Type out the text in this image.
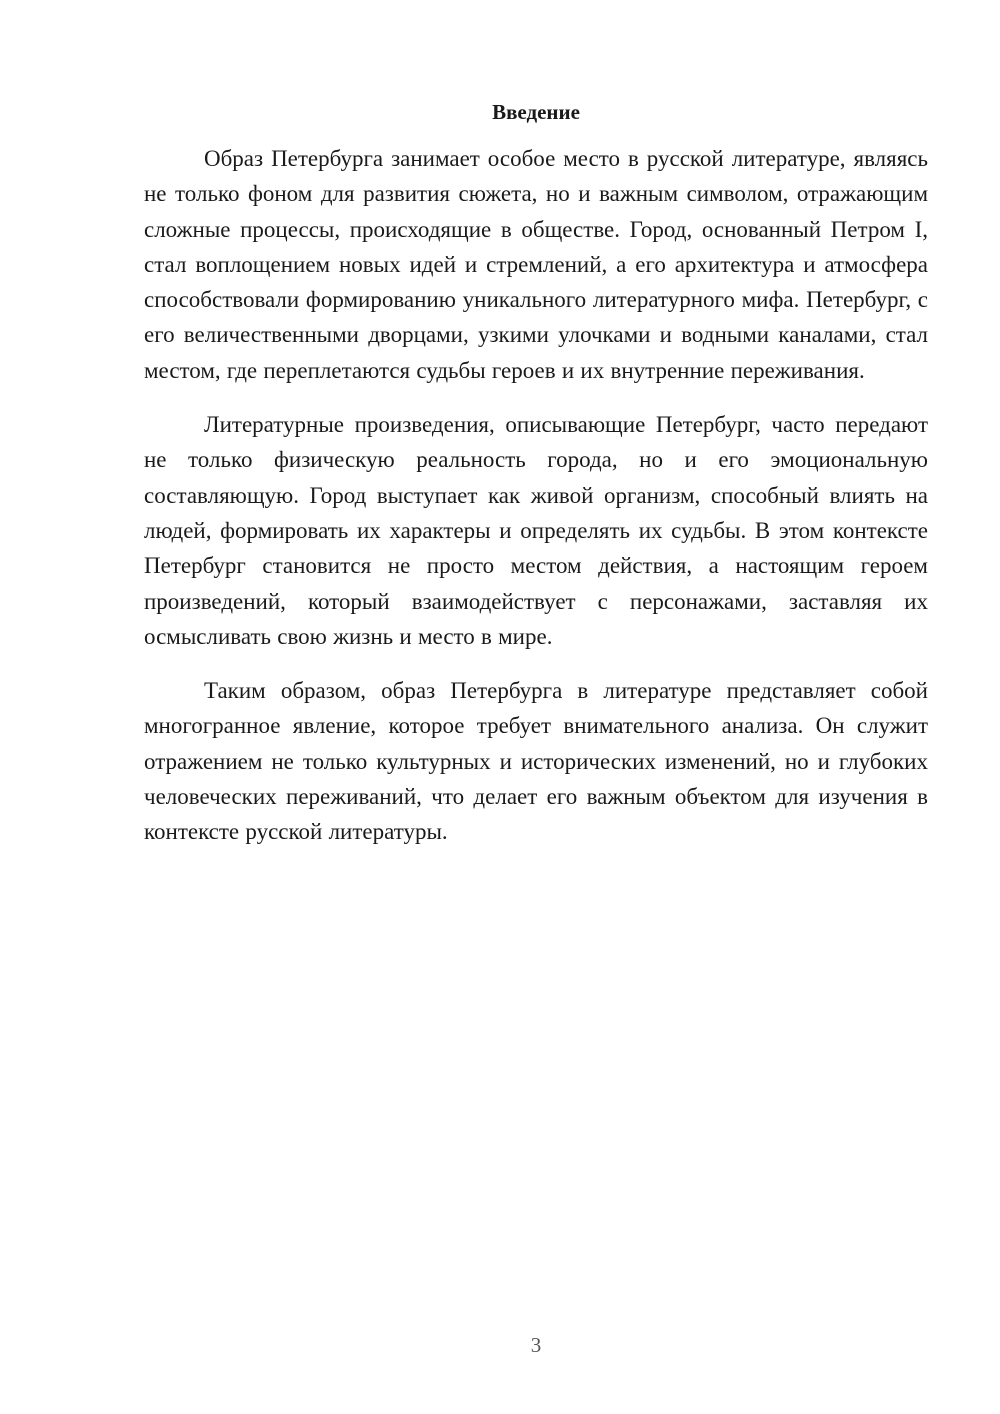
Введение

Образ Петербурга занимает особое место в русской литературе, являясь не только фоном для развития сюжета, но и важным символом, отражающим сложные процессы, происходящие в обществе. Город, основанный Петром I, стал воплощением новых идей и стремлений, а его архитектура и атмосфера способствовали формированию уникального литературного мифа. Петербург, с его величественными дворцами, узкими улочками и водными каналами, стал местом, где переплетаются судьбы героев и их внутренние переживания.

Литературные произведения, описывающие Петербург, часто передают не только физическую реальность города, но и его эмоциональную составляющую. Город выступает как живой организм, способный влиять на людей, формировать их характеры и определять их судьбы. В этом контексте Петербург становится не просто местом действия, а настоящим героем произведений, который взаимодействует с персонажами, заставляя их осмысливать свою жизнь и место в мире.

Таким образом, образ Петербурга в литературе представляет собой многогранное явление, которое требует внимательного анализа. Он служит отражением не только культурных и исторических изменений, но и глубоких человеческих переживаний, что делает его важным объектом для изучения в контексте русской литературы.

3
